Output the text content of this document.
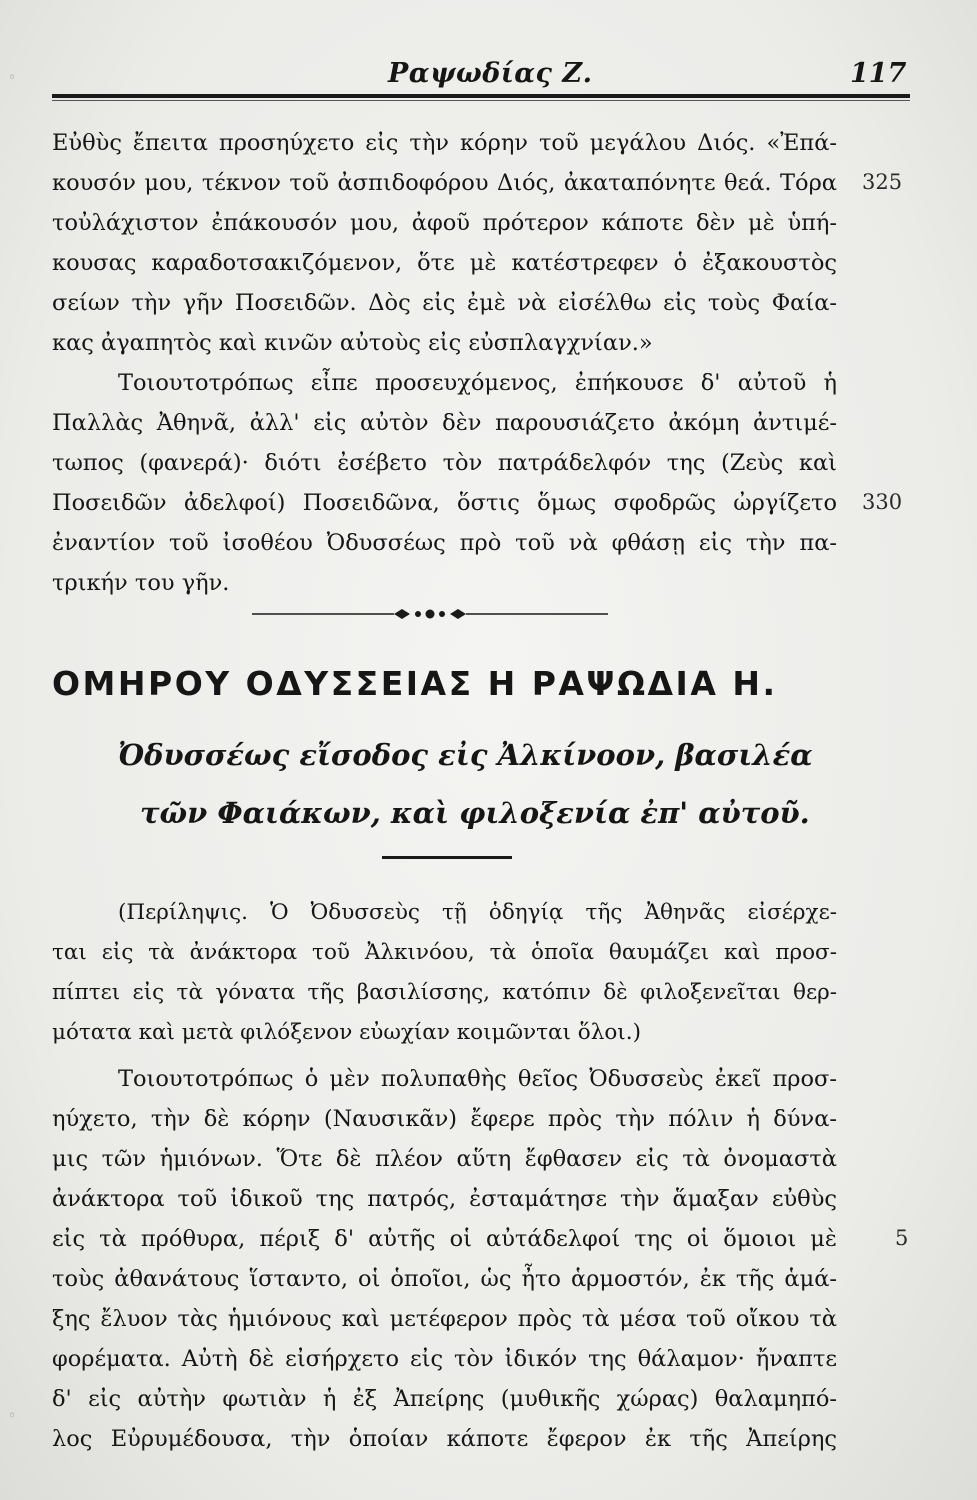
Ραψωδίας Ζ.	117
Εὐθὺς ἔπειτα προσηύχετο εἰς τὴν κόρην τοῦ μεγάλου Διός. «Ἐπά-
κουσόν μου, τέκνον τοῦ ἀσπιδοφόρου Διός, ἀκαταπόνητε θεά. Τόρα
τοὐλάχιστον ἐπάκουσόν μου, ἀφοῦ πρότερον κάποτε δὲν μὲ ὑπή-
κουσας καραδοτσακιζόμενον, ὅτε μὲ κατέστρεφεν ὁ ἐξακουστὸς
σείων τὴν γῆν Ποσειδῶν. Δὸς εἰς ἐμὲ νὰ εἰσέλθω εἰς τοὺς Φαία-
κας ἀγαπητὸς καὶ κινῶν αὐτοὺς εἰς εὐσπλαγχνίαν.»
Τοιουτοτρόπως εἶπε προσευχόμενος, ἐπήκουσε δ' αὐτοῦ ἡ
Παλλὰς Ἀθηνᾶ, ἀλλ' εἰς αὐτὸν δὲν παρουσιάζετο ἀκόμη ἀντιμέ-
τωπος (φανερά)· διότι ἐσέβετο τὸν πατράδελφόν της (Ζεὺς καὶ
Ποσειδῶν ἀδελφοί) Ποσειδῶνα, ὅστις ὅμως σφοδρῶς ὠργίζετο
ἐναντίον τοῦ ἰσοθέου Ὀδυσσέως πρὸ τοῦ νὰ φθάσῃ εἰς τὴν πα-
τρικήν του γῆν.
325
330
ΟΜΗΡΟΥ ΟΔΥΣΣΕΙΑΣ Η ΡΑΨΩΔΙΑ Η.
Ὀδυσσέως εἴσοδος εἰς Ἀλκίνοον, βασιλέα
τῶν Φαιάκων, καὶ φιλοξενία ἐπ' αὐτοῦ.
(Περίληψις. Ὁ Ὀδυσσεὺς τῇ ὁδηγίᾳ τῆς Ἀθηνᾶς εἰσέρχε-
ται εἰς τὰ ἀνάκτορα τοῦ Ἀλκινόου, τὰ ὁποῖα θαυμάζει καὶ προσ-
πίπτει εἰς τὰ γόνατα τῆς βασιλίσσης, κατόπιν δὲ φιλοξενεῖται θερ-
μότατα καὶ μετὰ φιλόξενον εὐωχίαν κοιμῶνται ὅλοι.)
Τοιουτοτρόπως ὁ μὲν πολυπαθὴς θεῖος Ὀδυσσεὺς ἐκεῖ προσ-
ηύχετο, τὴν δὲ κόρην (Ναυσικᾶν) ἔφερε πρὸς τὴν πόλιν ἡ δύνα-
μις τῶν ἡμιόνων. Ὅτε δὲ πλέον αὕτη ἔφθασεν εἰς τὰ ὀνομαστὰ
ἀνάκτορα τοῦ ἰδικοῦ της πατρός, ἐσταμάτησε τὴν ἅμαξαν εὐθὺς
εἰς τὰ πρόθυρα, πέριξ δ' αὐτῆς οἱ αὐτάδελφοί της οἱ ὅμοιοι μὲ
τοὺς ἀθανάτους ἵσταντο, οἱ ὁποῖοι, ὡς ἦτο ἁρμοστόν, ἐκ τῆς ἁμά-
ξης ἔλυον τὰς ἡμιόνους καὶ μετέφερον πρὸς τὰ μέσα τοῦ οἴκου τὰ
φορέματα. Αὐτὴ δὲ εἰσήρχετο εἰς τὸν ἰδικόν της θάλαμον· ἤναπτε
δ' εἰς αὐτὴν φωτιὰν ἡ ἐξ Ἀπείρης (μυθικῆς χώρας) θαλαμηπό-
λος Εὐρυμέδουσα, τὴν ὁποίαν κάποτε ἔφερον ἐκ τῆς Ἀπείρης
5
◦
◦
